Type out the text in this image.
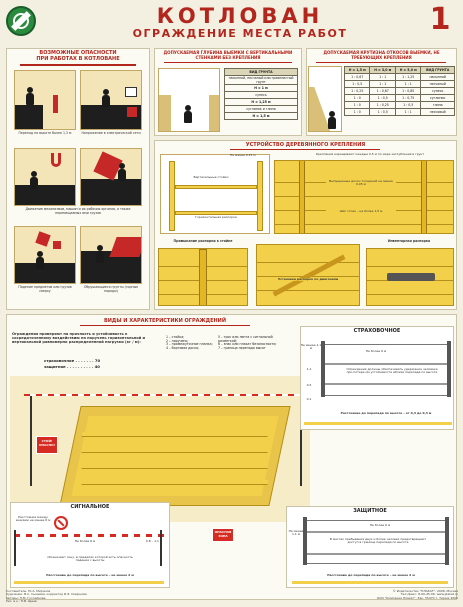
КОТЛОВАН
ОГРАЖДЕНИЕ МЕСТА РАБОТ	1
ВОЗМОЖНЫЕ ОПАСНОСТИ
ПРИ РАБОТАХ В КОТЛОВАНЕ
Перепад по высоте более 1,3 м	Напряжение в электрической сети
Движение механизмов, машин и их рабочих органов, а также перемещаемых ими грузов
Падение предметов или грузов сверху
Обрушающиеся грунты (горные породы)
ДОПУСКАЕМАЯ ГЛУБИНА ВЫЕМКИ С ВЕРТИКАЛЬНЫМИ СТЕНКАМИ БЕЗ КРЕПЛЕНИЯ
ВИД ГРУНТА
насыпной, песчаный или гравелистый грунт
H = 1 м
супесь
H = 1,25 м
суглинок и глина
H = 1,5 м
ДОПУСКАЕМАЯ КРУТИЗНА ОТКОСОВ ВЫЕМКИ, НЕ ТРЕБУЮЩИХ КРЕПЛЕНИЯ
H = 1,5 м	H = 3,0 м	H = 5,0 м	ВИД ГРУНТА
1 : 0,67	1 : 1	1 : 1,25	насыпной
1 : 0,5	1 : 1	1 : 1	песчаный
1 : 0,25	1 : 0,67	1 : 0,85	супесь
1 : 0	1 : 0,5	1 : 0,75	суглинок
1 : 0	1 : 0,25	1 : 0,5	глина
1 : 0	1 : 0,5	1 : 1	лессовый
УСТРОЙСТВО ДЕРЕВЯННОГО КРЕПЛЕНИЯ
Не менее 0,15 м
Вертикальные стойки
Горизонтальная распорка
Крепления наращивают каждые 0,5 м по мере заглубления в грунт
Выпущенные доски толщиной не менее 0,05 м
Шаг стоек – не более 1,5 м
Примыкание распорки к стойке
Установка распорок по диагонали
Инвентарная распорка
ВИДЫ И ХАРАКТЕРИСТИКИ ОГРАЖДЕНИЙ
Ограждения проверяют на прочность и устойчивость к сосредоточенному воздействию на поручень горизонтальной и вертикальной равномерно распределенной нагрузки (кг / м):
страховочное . . . . . . . 70
защитное . . . . . . . . . . 40
1 – стойка;
2 – поручень;
3 – промежуточное планка;
4 – бортовая доска;
5 – трос или лента с сигнальной разметкой;
6 – знак или плакат безопасности;
7 – граница перепада высот
СТОЙ! ОПАСНО!
ОПАСНАЯ ЗОНА
СТРАХОВОЧНОЕ
Не более 6 м
Не менее 1,1 м
1,1
0,1
0,5
Ограждения должны обеспечивать удержание человека при потере им устойчивости вблизи перепада по высоте
Расстояние до перепада по высоте – от 0,3 до 0,3 м
СИГНАЛЬНОЕ
Расстояние между знаками не менее 6 м
Не более 6 м	0,8 – 1,1 м
обозначают зону, в пределах которой есть опасность падения с высоты
Расстояние до перепада по высоте – не менее 2 м
ЗАЩИТНОЕ
Не более 6 м
Не менее 1,1 м
В местах пребывания двух и более человек предотвращают доступ в границе перепада по высоте
Расстояние до перепада по высоте – не менее 2 м
Составитель: Ю.А. Миронов
Художник: В.С. Сычевая, корректор Б.Э. Смирнова
Авторы: Н.М. Гуссейнова
Рис. в к.: Н.В. Щеев
© Издательство "ПЛАКАТ", 2008, Москва
Тел./факс: 8-00-45-06, www.plakat.ru
ООО "Компания Плакат", Зак. 55470 т. Тираж 3000
